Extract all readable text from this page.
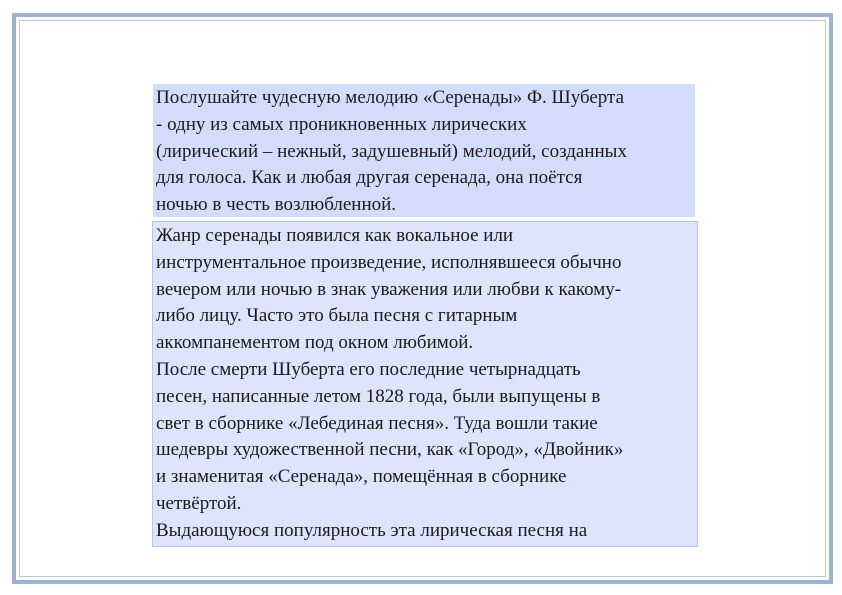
Послушайте чудесную мелодию «Серенады» Ф. Шуберта
- одну из самых проникновенных лирических
(лирический – нежный, задушевный) мелодий, созданных
для голоса. Как и любая другая серенада, она поётся
ночью в честь возлюбленной.
Жанр серенады появился как вокальное или
инструментальное произведение, исполнявшееся обычно
вечером или ночью в знак уважения или любви к какому-
либо лицу. Часто это была песня с гитарным
аккомпанементом под окном любимой.
После смерти Шуберта его последние четырнадцать
песен, написанные летом 1828 года, были выпущены в
свет в сборнике «Лебединая песня». Туда вошли такие
шедевры художественной песни, как «Город», «Двойник»
и знаменитая «Серенада», помещённая в сборнике
четвёртой.
Выдающуюся популярность эта лирическая песня на
